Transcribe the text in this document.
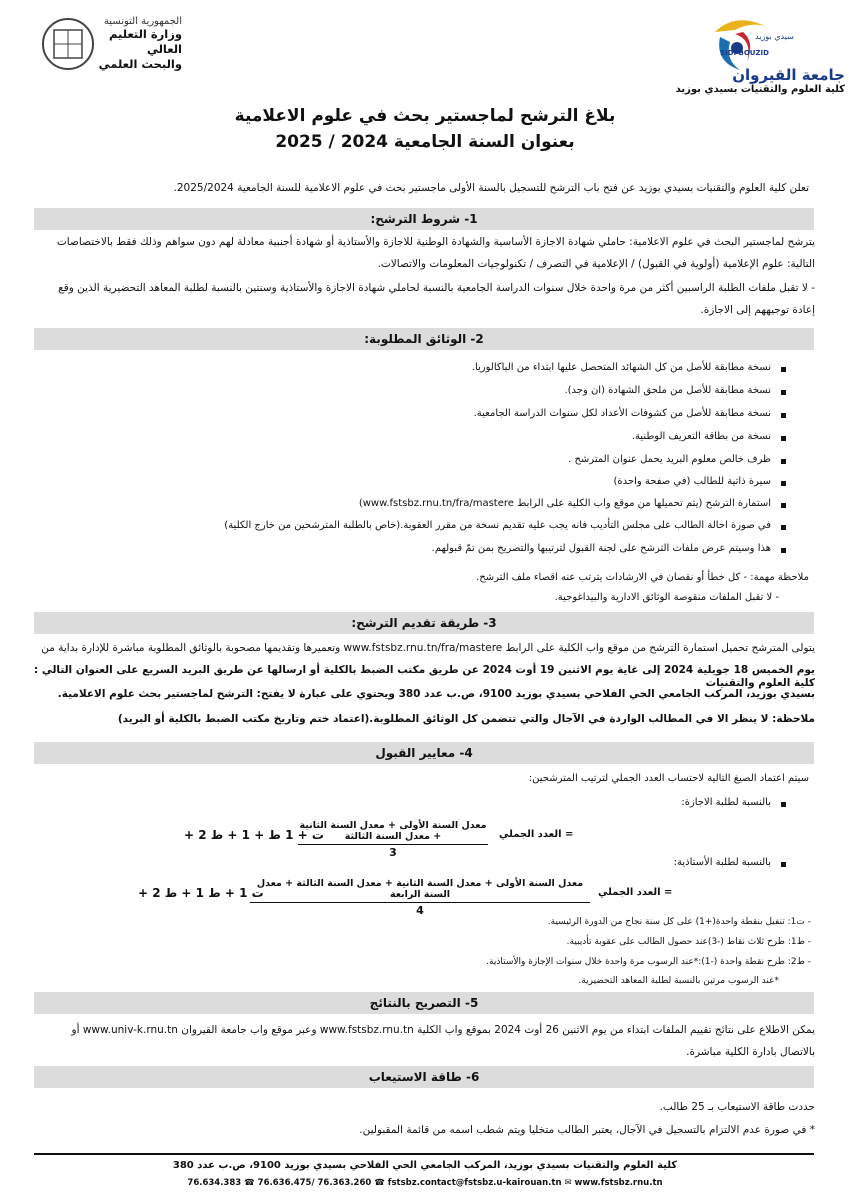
سيدي بوزيد
SIDI BOUZID
جامعة القيروان
كلية العلوم والتقنيات بسيدي بوزيد
الجمهورية التونسية
وزارة التعليم العالي
والبحث العلمي
بلاغ الترشح لماجستير بحث في علوم الاعلامية
بعنوان السنة الجامعية 2024 / 2025
تعلن كلية العلوم والتقنيات بسيدي بوزيد عن فتح باب الترشح للتسجيل بالسنة الأولى ماجستير بحث في علوم الاعلامية للسنة الجامعية 2025/2024.
1- شروط الترشح:
يترشح لماجستير البحث في علوم الاعلامية: حاملي شهادة الاجازة الأساسية والشهادة الوطنية للاجازة والأستاذية أو شهادة أجنبية معادلة لهم دون سواهم وذلك فقط بالاختصاصات
التالية: علوم الإعلامية (أولوية في القبول) / الإعلامية في التصرف / تكنولوجيات المعلومات والاتصالات.
- لا تقبل ملفات الطلبة الراسبين أكثر من مرة واحدة خلال سنوات الدراسة الجامعية بالنسبة لحاملي شهادة الاجازة والأستاذية وسنتين بالنسبة لطلبة المعاهد التحضيرية الذين وقع
إعادة توجيههم إلى الاجازة.
2- الوثائق المطلوبة:
نسخة مطابقة للأصل من كل الشهائد المتحصل عليها ابتداء من الباكالوريا.
نسخة مطابقة للأصل من ملحق الشهادة (ان وجد).
نسخة مطابقة للأصل من كشوفات الأعداد لكل سنوات الدراسة الجامعية.
نسخة من بطاقة التعريف الوطنية.
ظرف خالص معلوم البريد يحمل عنوان المترشح .
سيرة ذاتية للطالب (في صفحة واحدة)
استمارة الترشح (يتم تحميلها من موقع واب الكلية على الرابط www.fstsbz.rnu.tn/fra/mastere)
في صورة احالة الطالب على مجلس التأديب فانه يجب عليه تقديم نسخة من مقرر العقوبة.(خاص بالطلبة المترشحين من خارج الكلية)
هذا وسيتم عرض ملفات الترشح على لجنة القبول لترتيبها والتصريح بمن تمّ قبولهم.
ملاحظة مهمة: - كل خطأ أو نقصان في الارشادات يترتب عنه اقصاء ملف الترشح.
- لا تقبل الملفات منقوصة الوثائق الادارية والبيداغوجية.
3- طريقة تقديم الترشح:
يتولى المترشح تحميل استمارة الترشح من موقع واب الكلية على الرابط www.fstsbz.rnu.tn/fra/mastere وتعميرها وتقديمها مصحوبة بالوثائق المطلوبة مباشرة للإدارة بداية من
يوم الخميس 18 جويلية 2024 إلى غاية يوم الاثنين 19 أوت 2024 عن طريق مكتب الضبط بالكلية أو ارسالها عن طريق البريد السريع على العنوان التالي : كلية العلوم والتقنيات
بسيدي بوزيد، المركب الجامعي الحي الفلاحي بسيدي بوزيد 9100، ص.ب عدد 380 ويحتوي على عبارة لا يفتح: الترشح لماجستير بحث علوم الاعلامية.
ملاحظة: لا ينظر الا في المطالب الواردة في الآجال والتي تتضمن كل الوثائق المطلوبة.(اعتماد ختم وتاريخ مكتب الضبط بالكلية أو البريد)
4- معايير القبول
سيتم اعتماد الصيغ التالية لاحتساب العدد الجملي لترتيب المترشحين:
بالنسبة لطلبة الاجازة:
+ ت + 1 ط + 1 + ط 2
معدل السنة الأولى + معدل السنة الثانية + معدل السنة الثالثة
3
العدد الجملي =
بالنسبة لطلبة الأستاذية:
+ ت 1 + ط 1 + ط 2
معدل السنة الأولى + معدل السنة الثانية + معدل السنة الثالثة + معدل السنة الرابعة
4
العدد الجملي =
- ت1: تنفيل بنقطة واحدة(+1) على كل سنة نجاح من الدورة الرئيسية.
- ط1: طرح ثلاث نقاط (-3)عند حصول الطالب على عقوبة تأديبية.
- ط2: طرح نقطة واحدة (-1):*عند الرسوب مرة واحدة خلال سنوات الإجازة والأستاذية.
*عند الرسوب مرتين بالنسبة لطلبة المعاهد التحضيرية.
5- التصريح بالنتائج
يمكن الاطلاع على نتائج تقييم الملفات ابتداء من يوم الاثنين 26 أوت 2024 بموقع واب الكلية www.fstsbz.rnu.tn وعبر موقع واب جامعة القيروان www.univ-k.rnu.tn أو
بالاتصال بادارة الكلية مباشرة.
6- طاقة الاستيعاب
حددت طاقة الاستيعاب بـ 25 طالب.
* في صورة عدم الالتزام بالتسجيل في الآجال، يعتبر الطالب متخليا ويتم شطب اسمه من قائمة المقبولين.
كلية العلوم والتقنيات بسيدي بوزيد، المركب الجامعي الحي الفلاحي بسيدي بوزيد 9100، ص.ب عدد 380
76.634.383 ☎ 76.636.475/ 76.363.260 ☎ fstsbz.contact@fstsbz.u-kairouan.tn ✉ www.fstsbz.rnu.tn
